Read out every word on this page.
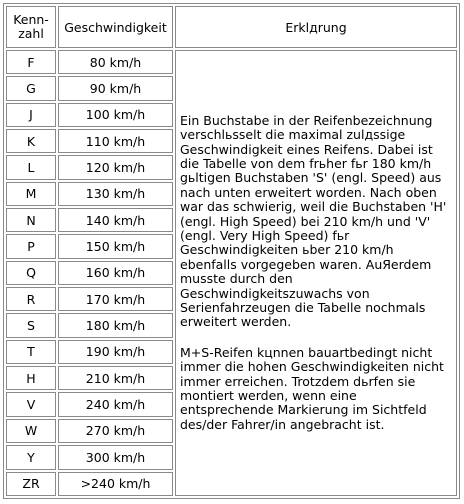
Kenn-
zahl	Geschwindigkeit	Erklдrung
F	80 km/h	Ein Buchstabe in der Reifenbezeichnung verschlьsselt die maximal zulдssige Geschwindigkeit eines Reifens. Dabei ist die Tabelle von dem frьher fьr 180 km/h gьltigen Buchstaben 'S' (engl. Speed) aus nach unten erweitert worden. Nach oben war das schwierig, weil die Buchstaben 'H' (engl. High Speed) bei 210 km/h und 'V' (engl. Very High Speed) fьr Geschwindigkeiten ьber 210 km/h ebenfalls vorgegeben waren. AuЯerdem musste durch den Geschwindigkeitszuwachs von Serienfahrzeugen die Tabelle nochmals erweitert werden.
M+S-Reifen kцnnen bauartbedingt nicht immer die hohen Geschwindigkeiten nicht immer erreichen. Trotzdem dьrfen sie montiert werden, wenn eine entsprechende Markierung im Sichtfeld des/der Fahrer/in angebracht ist.

G	90 km/h	
J	100 km/h	
K	110 km/h	
L	120 km/h	
M	130 km/h	
N	140 km/h	
P	150 km/h	
Q	160 km/h	
R	170 km/h	
S	180 km/h	
T	190 km/h	
H	210 km/h	
V	240 km/h	
W	270 km/h	
Y	300 km/h	
ZR	>240 km/h	
